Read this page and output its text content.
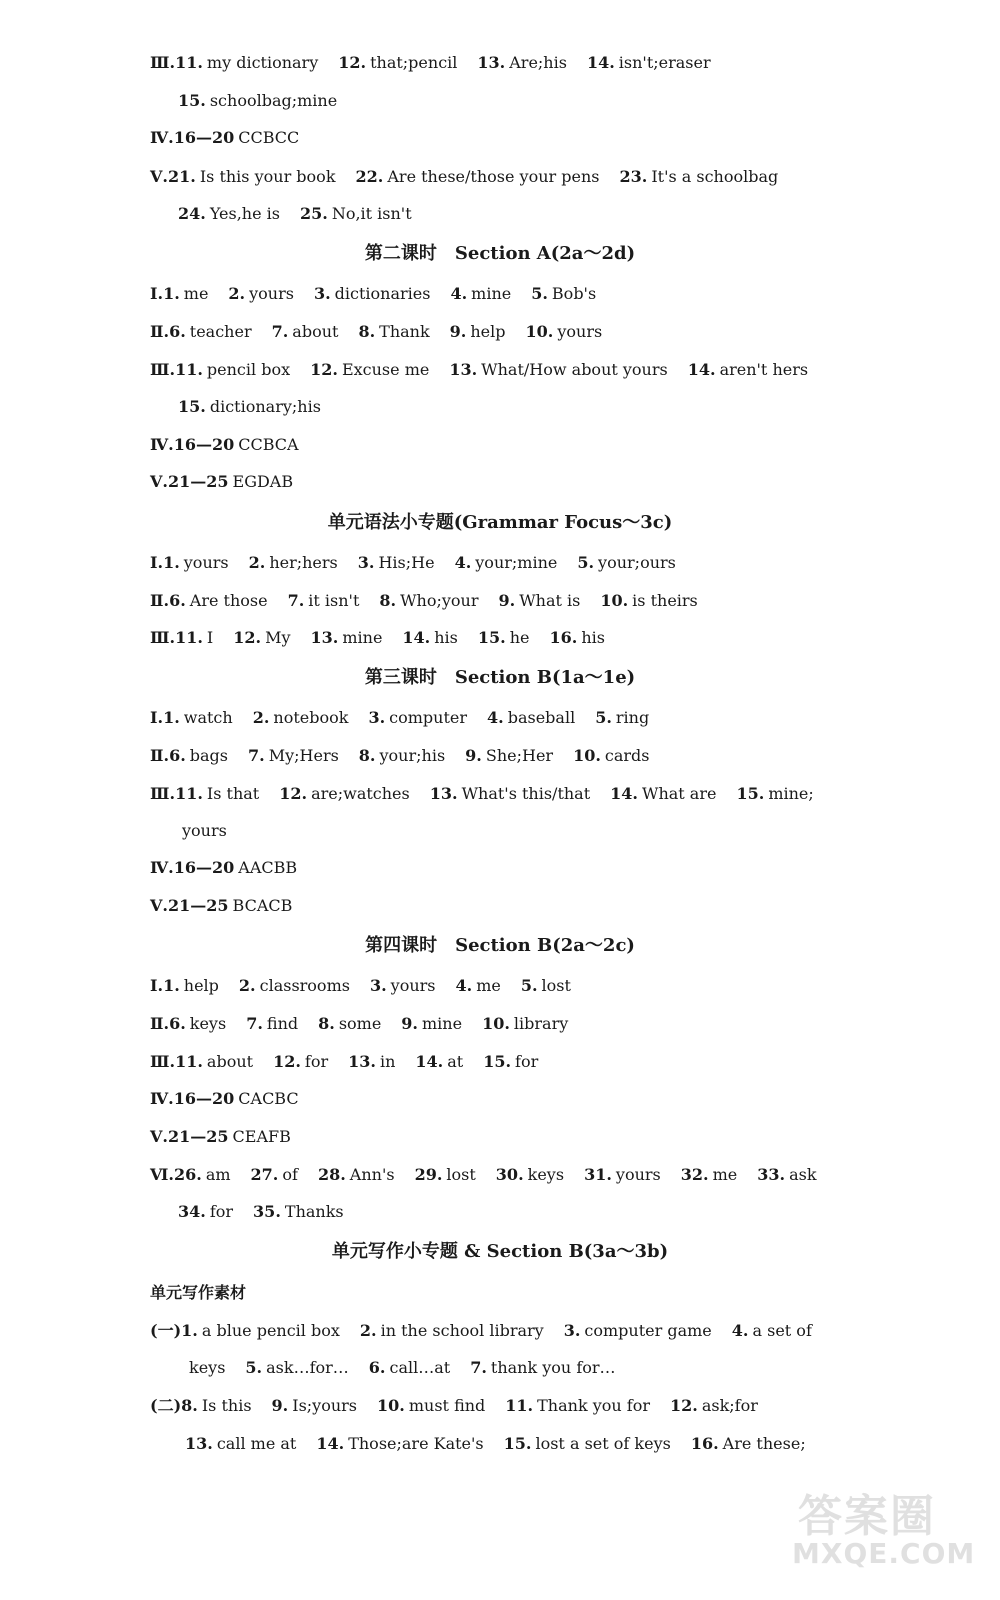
Ⅲ.11. my dictionary 12. that;pencil 13. Are;his 14. isn't;eraser
15. schoolbag;mine
Ⅳ.16—20 CCBCC
Ⅴ.21. Is this your book 22. Are these/those your pens 23. It's a schoolbag
24. Yes,he is 25. No,it isn't
第二课时　Section A(2a～2d)
Ⅰ.1. me 2. yours 3. dictionaries 4. mine 5. Bob's
Ⅱ.6. teacher 7. about 8. Thank 9. help 10. yours
Ⅲ.11. pencil box 12. Excuse me 13. What/How about yours 14. aren't hers
15. dictionary;his
Ⅳ.16—20 CCBCA
Ⅴ.21—25 EGDAB
单元语法小专题(Grammar Focus～3c)
Ⅰ.1. yours 2. her;hers 3. His;He 4. your;mine 5. your;ours
Ⅱ.6. Are those 7. it isn't 8. Who;your 9. What is 10. is theirs
Ⅲ.11. I 12. My 13. mine 14. his 15. he 16. his
第三课时　Section B(1a～1e)
Ⅰ.1. watch 2. notebook 3. computer 4. baseball 5. ring
Ⅱ.6. bags 7. My;Hers 8. your;his 9. She;Her 10. cards
Ⅲ.11. Is that 12. are;watches 13. What's this/that 14. What are 15. mine;
yours
Ⅳ.16—20 AACBB
Ⅴ.21—25 BCACB
第四课时　Section B(2a～2c)
Ⅰ.1. help 2. classrooms 3. yours 4. me 5. lost
Ⅱ.6. keys 7. find 8. some 9. mine 10. library
Ⅲ.11. about 12. for 13. in 14. at 15. for
Ⅳ.16—20 CACBC
Ⅴ.21—25 CEAFB
Ⅵ.26. am 27. of 28. Ann's 29. lost 30. keys 31. yours 32. me 33. ask
34. for 35. Thanks
单元写作小专题 & Section B(3a～3b)
单元写作素材
(一)1. a blue pencil box 2. in the school library 3. computer game 4. a set of
keys 5. ask…for… 6. call…at 7. thank you for…
(二)8. Is this 9. Is;yours 10. must find 11. Thank you for 12. ask;for
13. call me at 14. Those;are Kate's 15. lost a set of keys 16. Are these;
答案圈
MXQE.COM
